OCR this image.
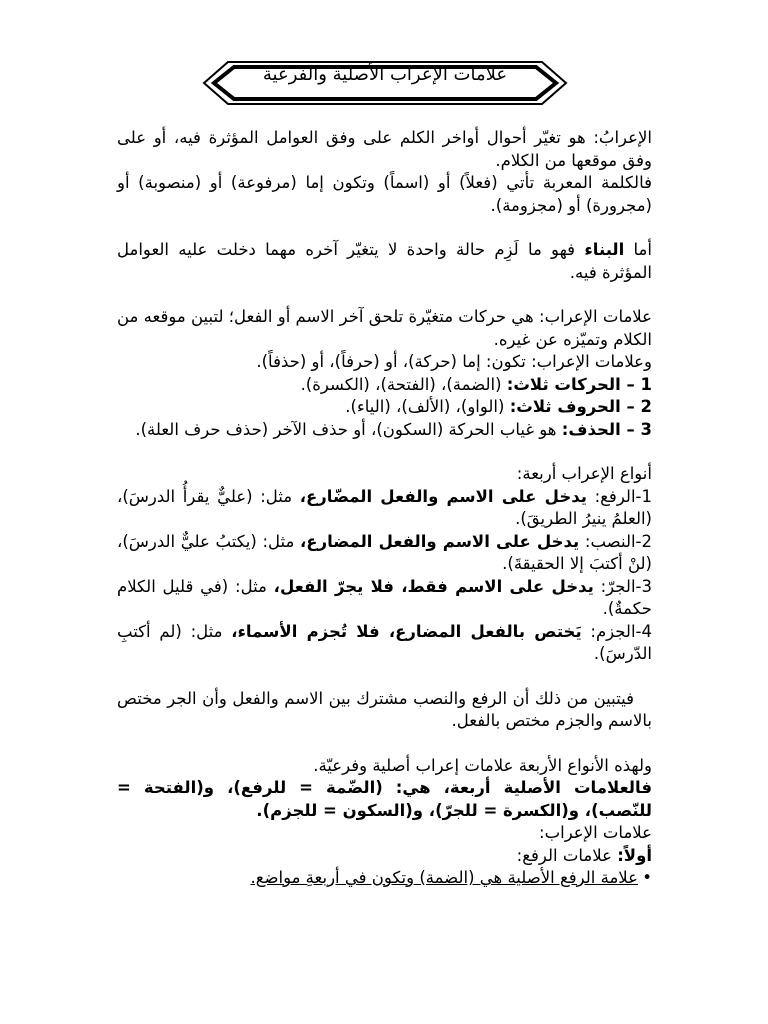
علامات الإعراب الأصلية والفرعية

الإعرابُ: هو تغيّر أحوال أواخر الكلم على وفق العوامل المؤثرة فيه، أو على وفق موقعها من الكلام.

فالكلمة المعربة تأتي (فعلاً) أو (اسماً) وتكون إما (مرفوعة) أو (منصوبة) أو (مجرورة) أو (مجزومة).

أما البناء فهو ما لَزِم حالة واحدة لا يتغيّر آخره مهما دخلت عليه العوامل المؤثرة فيه.

علامات الإعراب: هي حركات متغيّرة تلحق آخر الاسم أو الفعل؛ لتبين موقعه من الكلام وتميّزه عن غيره.

وعلامات الإعراب: تكون: إما (حركة)، أو (حرفاً)، أو (حذفاً).

1 – الحركات ثلاث: (الضمة)، (الفتحة)، (الكسرة).

2 – الحروف ثلاث: (الواو)، (الألف)، (الياء).

3 – الحذف: هو غياب الحركة (السكون)، أو حذف الآخر (حذف حرف العلة).

أنواع الإعراب أربعة:

1-الرفع: يدخل على الاسم والفعل المضّارع، مثل: (عليٌّ يقرأُ الدرسَ)، (العلمُ ينيرُ الطريقَ).

2-النصب: يدخل على الاسم والفعل المضارع، مثل: (يكتبُ عليٌّ الدرسَ)، (لنْ أكتبَ إلا الحقيقةَ).

3-الجرّ: يدخل على الاسم فقط، فلا يجرّ الفعل، مثل: (في قليل الكلام حكمةٌ).

4-الجزم: يَختص بالفعل المضارع، فلا تُجزم الأسماء، مثل: (لم أكتبِ الدّرسَ).

فيتبين من ذلك أن الرفع والنصب مشترك بين الاسم والفعل وأن الجر مختص بالاسم والجزم مختص بالفعل.

ولهذه الأنواع الأربعة علامات إعراب أصلية وفرعيّة.

فالعلامات الأصلية أربعة، هي: (الضّمة = للرفع)، و(الفتحة = للنّصب)، و(الكسرة = للجرّ)، و(السكون = للجزم).

علامات الإعراب:

أولاً: علامات الرفع:

• علامة الرفع الأصلية هي (الضمة) وتكون في أربعةِ مواضع.
